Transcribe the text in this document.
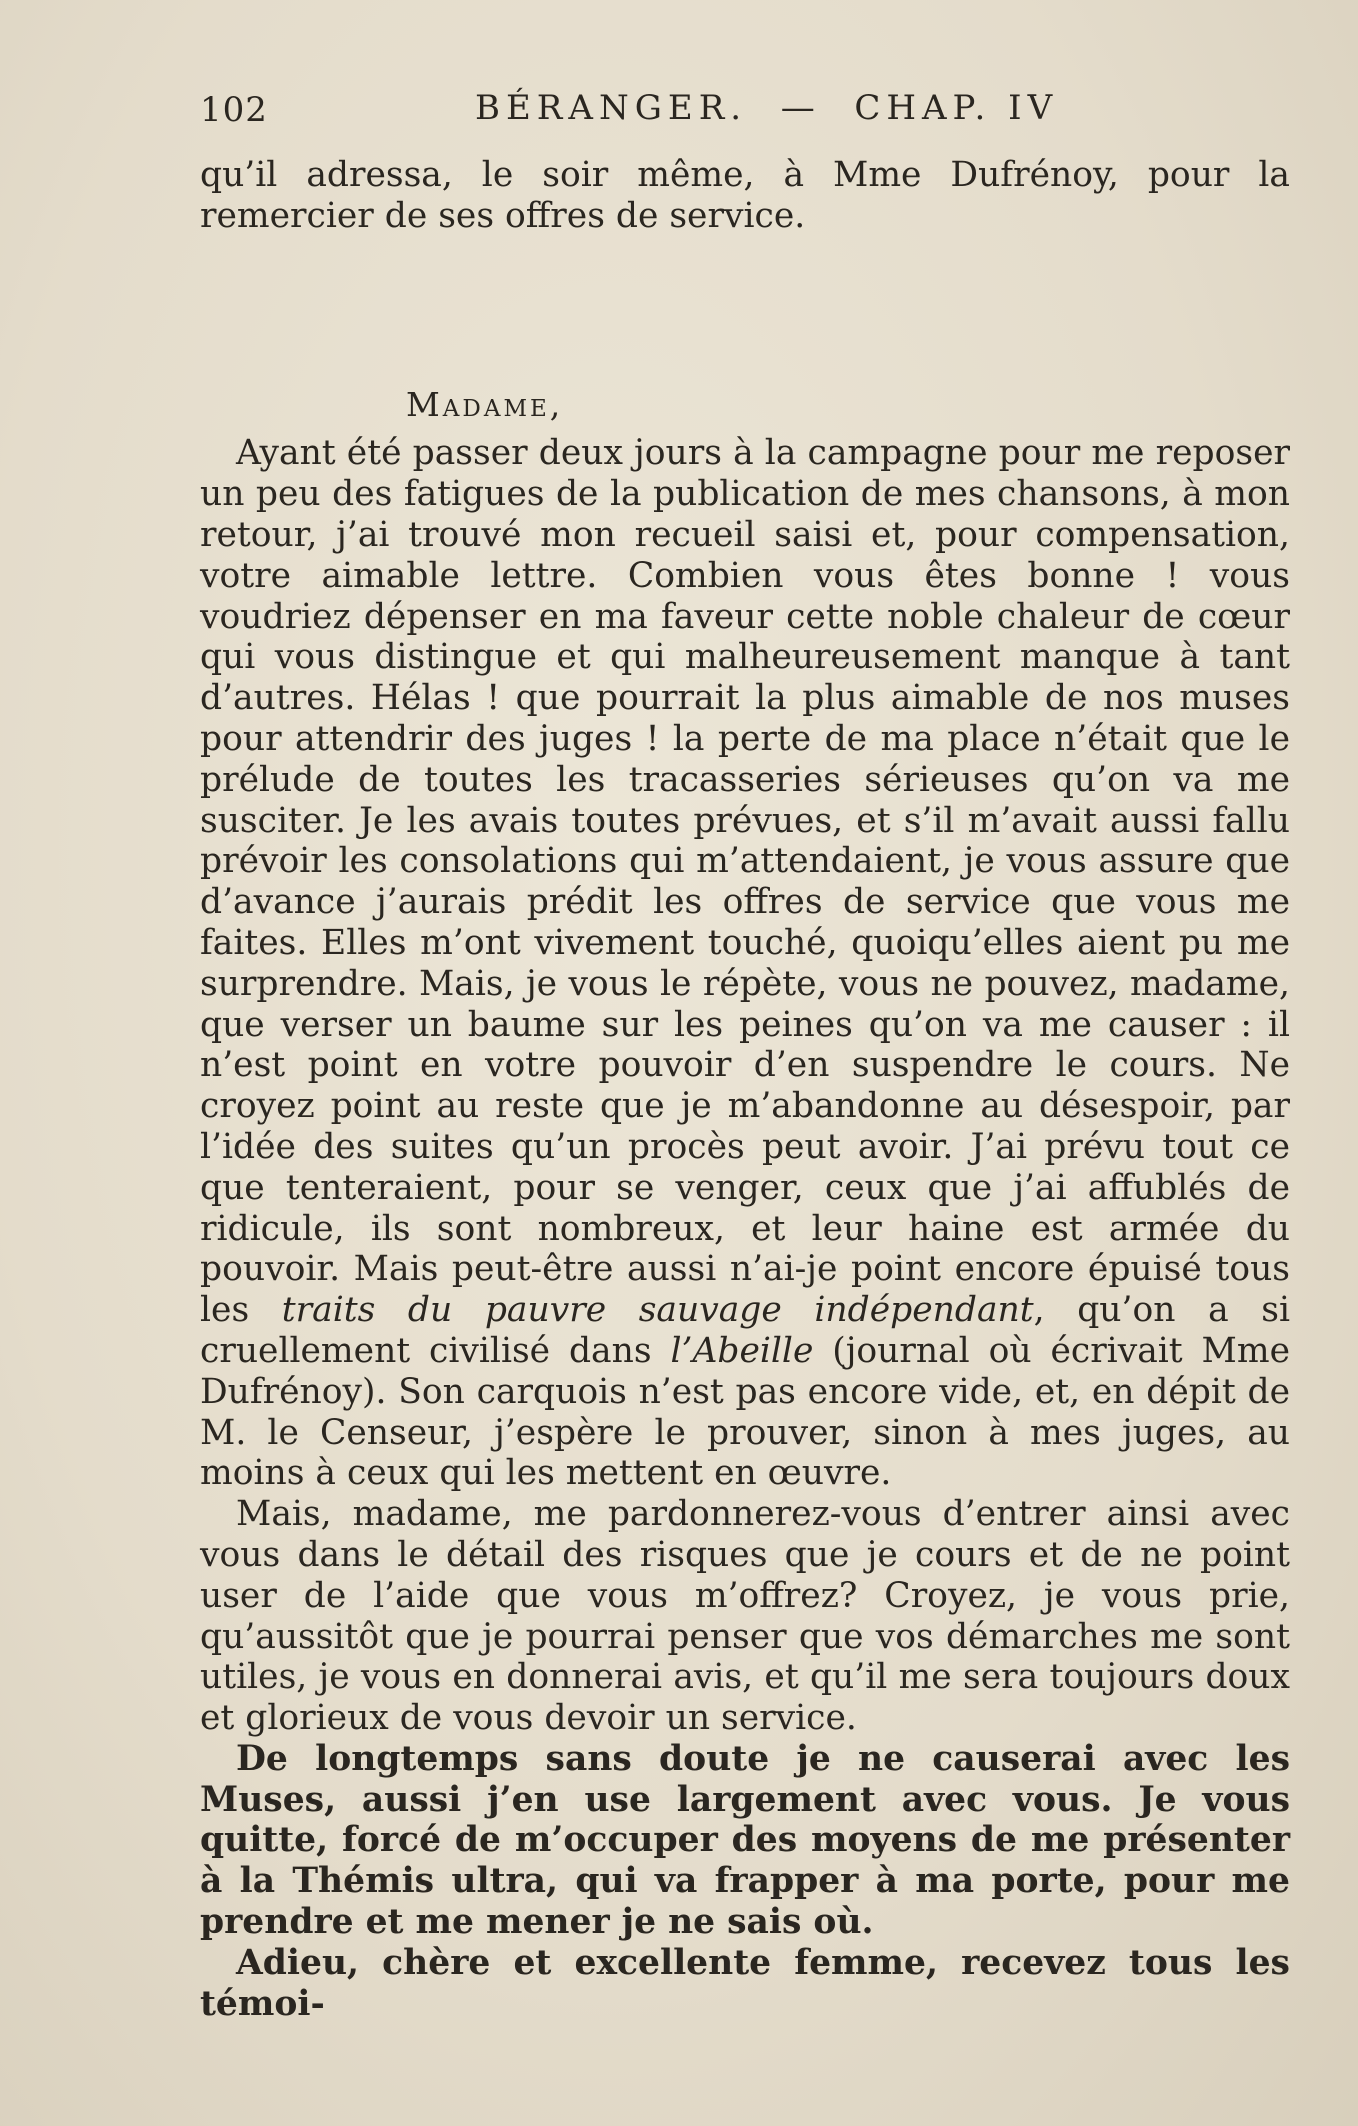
102	BÉRANGER.  —  CHAP. IV

qu’il adressa, le soir même, à Mme Dufrénoy, pour la remercier de ses offres de service.

Madame,

Ayant été passer deux jours à la campagne pour me reposer un peu des fatigues de la publication de mes chansons, à mon retour, j’ai trouvé mon recueil saisi et, pour compensation, votre aimable lettre. Combien vous êtes bonne ! vous voudriez dépenser en ma faveur cette noble chaleur de cœur qui vous distingue et qui malheureusement manque à tant d’autres. Hélas ! que pourrait la plus aimable de nos muses pour attendrir des juges ! la perte de ma place n’était que le prélude de toutes les tracasseries sérieuses qu’on va me susciter. Je les avais toutes prévues, et s’il m’avait aussi fallu prévoir les consolations qui m’attendaient, je vous assure que d’avance j’aurais prédit les offres de service que vous me faites. Elles m’ont vivement touché, quoiqu’elles aient pu me surprendre. Mais, je vous le répète, vous ne pouvez, madame, que verser un baume sur les peines qu’on va me causer : il n’est point en votre pouvoir d’en suspendre le cours. Ne croyez point au reste que je m’abandonne au désespoir, par l’idée des suites qu’un procès peut avoir. J’ai prévu tout ce que tenteraient, pour se venger, ceux que j’ai affublés de ridicule, ils sont nombreux, et leur haine est armée du pouvoir. Mais peut-être aussi n’ai-je point encore épuisé tous les traits du pauvre sauvage indépendant, qu’on a si cruellement civilisé dans l’Abeille (journal où écrivait Mme Dufrénoy). Son carquois n’est pas encore vide, et, en dépit de M. le Censeur, j’espère le prouver, sinon à mes juges, au moins à ceux qui les mettent en œuvre.

Mais, madame, me pardonnerez-vous d’entrer ainsi avec vous dans le détail des risques que je cours et de ne point user de l’aide que vous m’offrez? Croyez, je vous prie, qu’aussitôt que je pourrai penser que vos démarches me sont utiles, je vous en donnerai avis, et qu’il me sera toujours doux et glorieux de vous devoir un service.

De longtemps sans doute je ne causerai avec les Muses, aussi j’en use largement avec vous. Je vous quitte, forcé de m’occuper des moyens de me présenter à la Thémis ultra, qui va frapper à ma porte, pour me prendre et me mener je ne sais où.

Adieu, chère et excellente femme, recevez tous les témoi-
